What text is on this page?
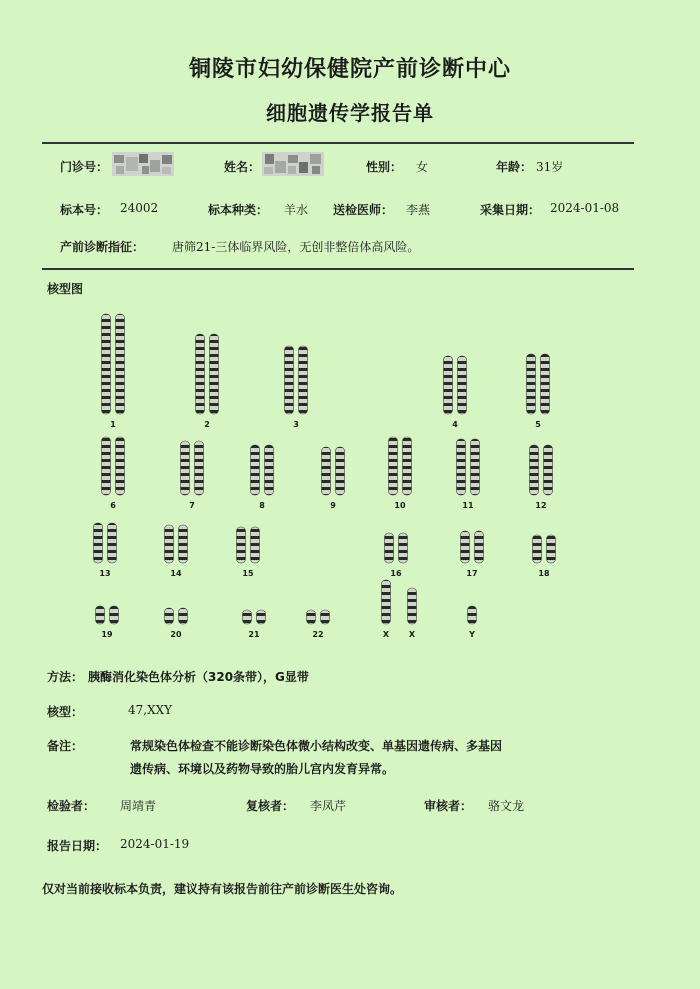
铜陵市妇幼保健院产前诊断中心
细胞遗传学报告单
门诊号：	姓名：	性别： 女	年龄： 31岁
标本号： 24002	标本种类： 羊水 送检医师： 李燕	采集日期： 2024-01-08
产前诊断指征： 唐筛21-三体临界风险，无创非整倍体高风险。
核型图
1	2	3	4	5
6	7	8	9	10	11	12
13	14	15	16	17	18
19	20	21	22	X	X	Y
方法： 胰酶消化染色体分析（320条带），G显带
核型：	47,XXY
备注：	常规染色体检查不能诊断染色体微小结构改变、单基因遗传病、多基因
遗传病、环境以及药物导致的胎儿宫内发育异常。
检验者： 周靖青	复核者： 李凤芹	审核者： 骆文龙
报告日期： 2024-01-19
仅对当前接收标本负责，建议持有该报告前往产前诊断医生处咨询。
